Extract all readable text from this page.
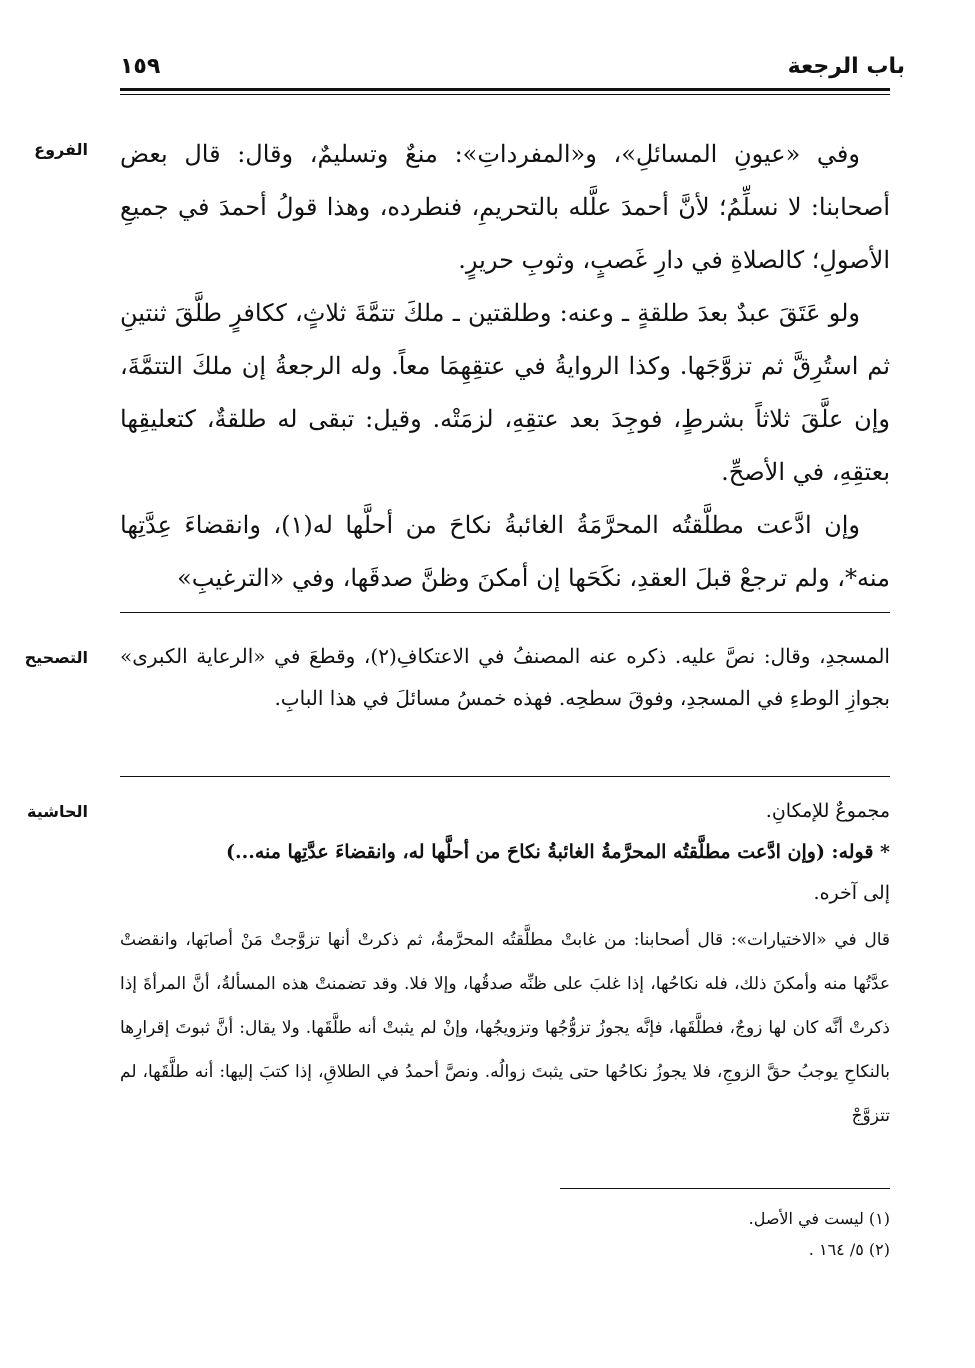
باب الرجعة
١٥٩
الفروع
التصحيح
الحاشية

وفي «عيونِ المسائلِ»، و«المفرداتِ»: منعٌ وتسليمٌ، وقال: قال بعض أصحابنا: لا نسلِّمُ؛ لأنَّ أحمدَ علَّله بالتحريمِ، فنطرده، وهذا قولُ أحمدَ في جميعِ الأصولِ؛ كالصلاةِ في دارِ غَصبٍ، وثوبِ حريرٍ.

ولو عَتَقَ عبدٌ بعدَ طلقةٍ ـ وعنه: وطلقتين ـ ملكَ تتمَّةَ ثلاثٍ، ككافرٍ طلَّقَ ثنتينِ ثم استُرِقَّ ثم تزوَّجَها. وكذا الروايةُ في عتقِهِمَا معاً. وله الرجعةُ إن ملكَ التتمَّةَ، وإن علَّقَ ثلاثاً بشرطٍ، فوجِدَ بعد عتقِهِ، لزمَتْه. وقيل: تبقى له طلقةٌ، كتعليقِها بعتقِهِ، في الأصحِّ.

وإن ادَّعت مطلَّقتُه المحرَّمَةُ الغائبةُ نكاحَ من أحلَّها له(١)، وانقضاءَ عِدَّتِها منه*، ولم ترجعْ قبلَ العقدِ، نكَحَها إن أمكنَ وظنَّ صدقَها، وفي «الترغيبِ»

المسجدِ، وقال: نصَّ عليه. ذكره عنه المصنفُ في الاعتكافِ(٢)، وقطعَ في «الرعاية الكبرى» بجوازِ الوطءِ في المسجدِ، وفوقَ سطحِه. فهذه خمسُ مسائلَ في هذا البابِ.

مجموعٌ للإمكانِ.

* قوله: (وإن ادَّعت مطلَّقتُه المحرَّمةُ الغائبةُ نكاحَ من أحلَّها له، وانقضاءَ عدَّتِها منه...)

إلى آخره.

قال في «الاختيارات»: قال أصحابنا: من غابتْ مطلَّقتُه المحرَّمةُ، ثم ذكرتْ أنها تزوَّجتْ مَنْ أصابَها، وانقضتْ عدَّتُها منه وأمكنَ ذلك، فله نكاحُها، إذا غلبَ على ظنِّه صدقُها، وإلا فلا. وقد تضمنتْ هذه المسألةُ، أنَّ المرأةَ إذا ذكرتْ أنَّه كان لها زوجٌ، فطلَّقَها، فإنَّه يجوزُ تزوُّجُها وتزويجُها، وإنْ لم يثبتْ أنه طلَّقَها. ولا يقال: أنَّ ثبوتَ إقرارِها بالنكاحِ يوجبُ حقَّ الزوجِ، فلا يجوزُ نكاحُها حتى يثبتَ زوالُه. ونصَّ أحمدُ في الطلاقِ، إذا كتبَ إليها: أنه طلَّقَها، لم تتزوَّجْ

(١) ليست في الأصل.
(٢) ٥/ ١٦٤ .
